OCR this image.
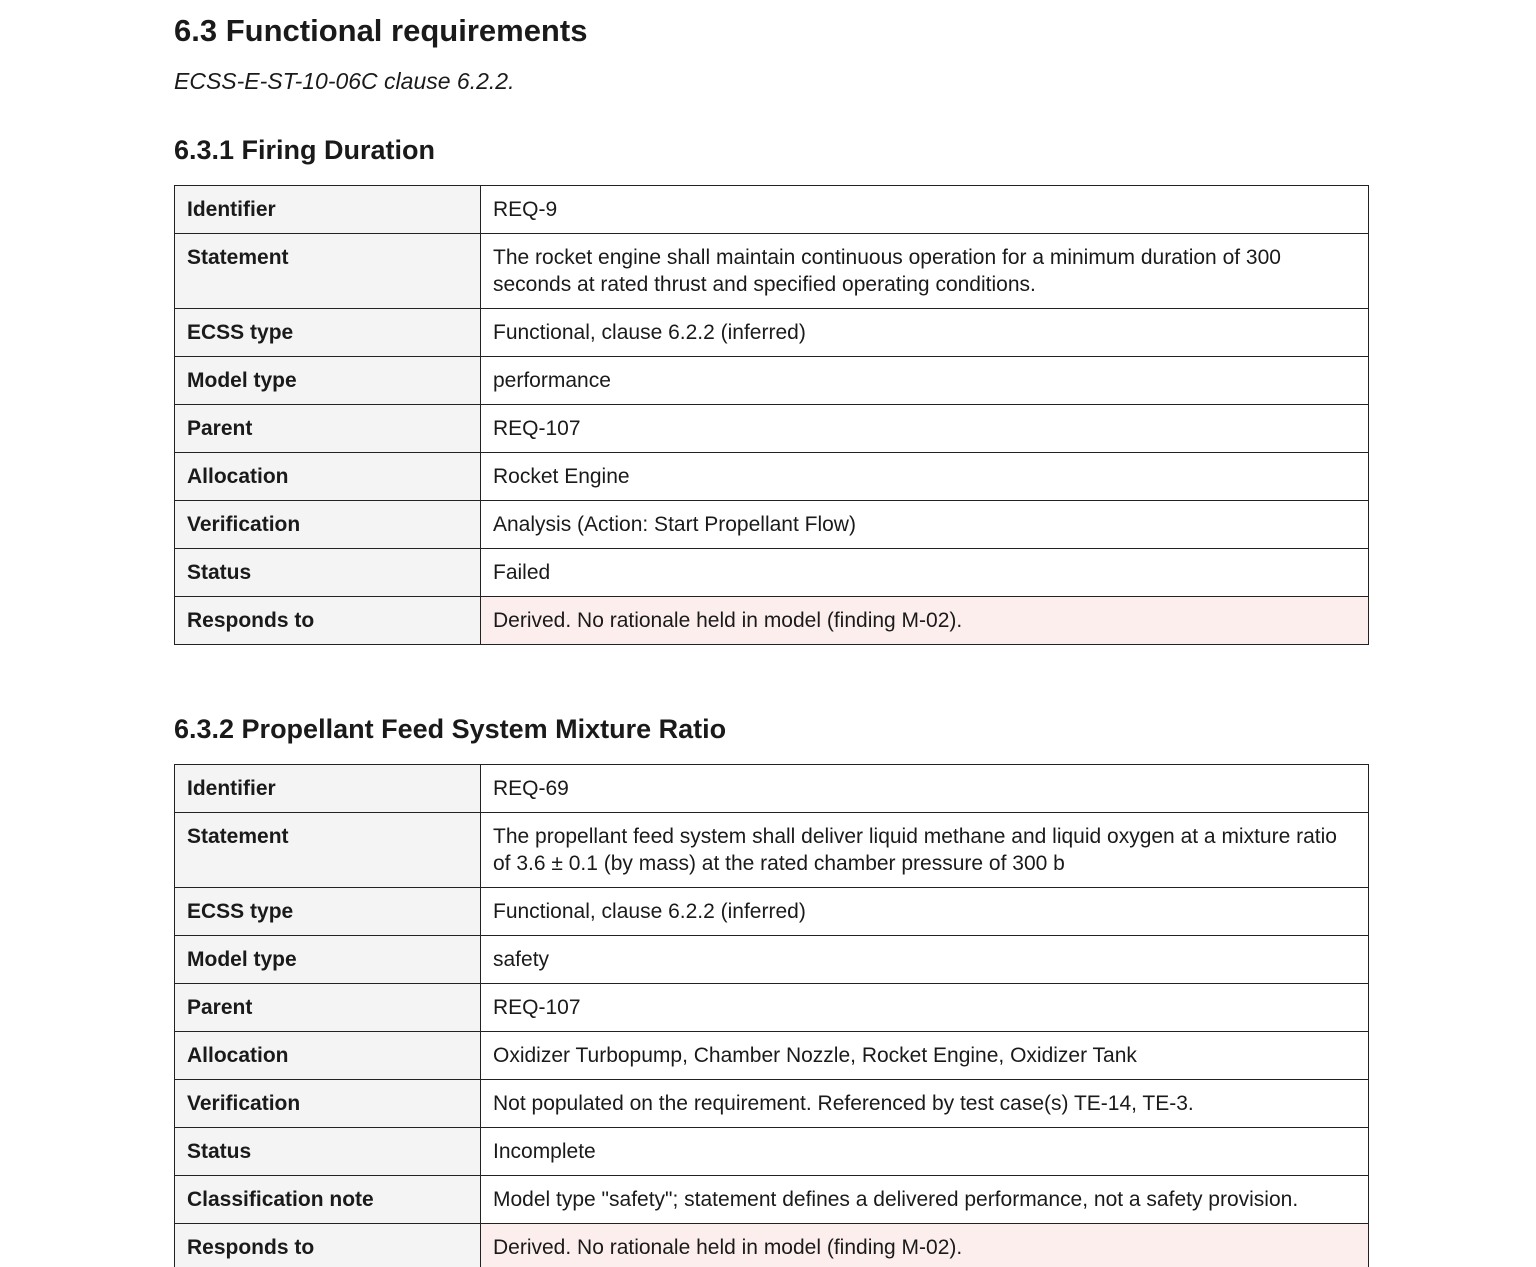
6.3 Functional requirements
ECSS-E-ST-10-06C clause 6.2.2.
6.3.1 Firing Duration
Identifier	REQ-9
Statement	The rocket engine shall maintain continuous operation for a minimum duration of 300 seconds at rated thrust and specified operating conditions.
ECSS type	Functional, clause 6.2.2 (inferred)
Model type	performance
Parent	REQ-107
Allocation	Rocket Engine
Verification	Analysis (Action: Start Propellant Flow)
Status	Failed
Responds to	Derived. No rationale held in model (finding M-02).
6.3.2 Propellant Feed System Mixture Ratio
Identifier	REQ-69
Statement	The propellant feed system shall deliver liquid methane and liquid oxygen at a mixture ratio of 3.6 ± 0.1 (by mass) at the rated chamber pressure of 300 b
ECSS type	Functional, clause 6.2.2 (inferred)
Model type	safety
Parent	REQ-107
Allocation	Oxidizer Turbopump, Chamber Nozzle, Rocket Engine, Oxidizer Tank
Verification	Not populated on the requirement. Referenced by test case(s) TE-14, TE-3.
Status	Incomplete
Classification note	Model type "safety"; statement defines a delivered performance, not a safety provision.
Responds to	Derived. No rationale held in model (finding M-02).
